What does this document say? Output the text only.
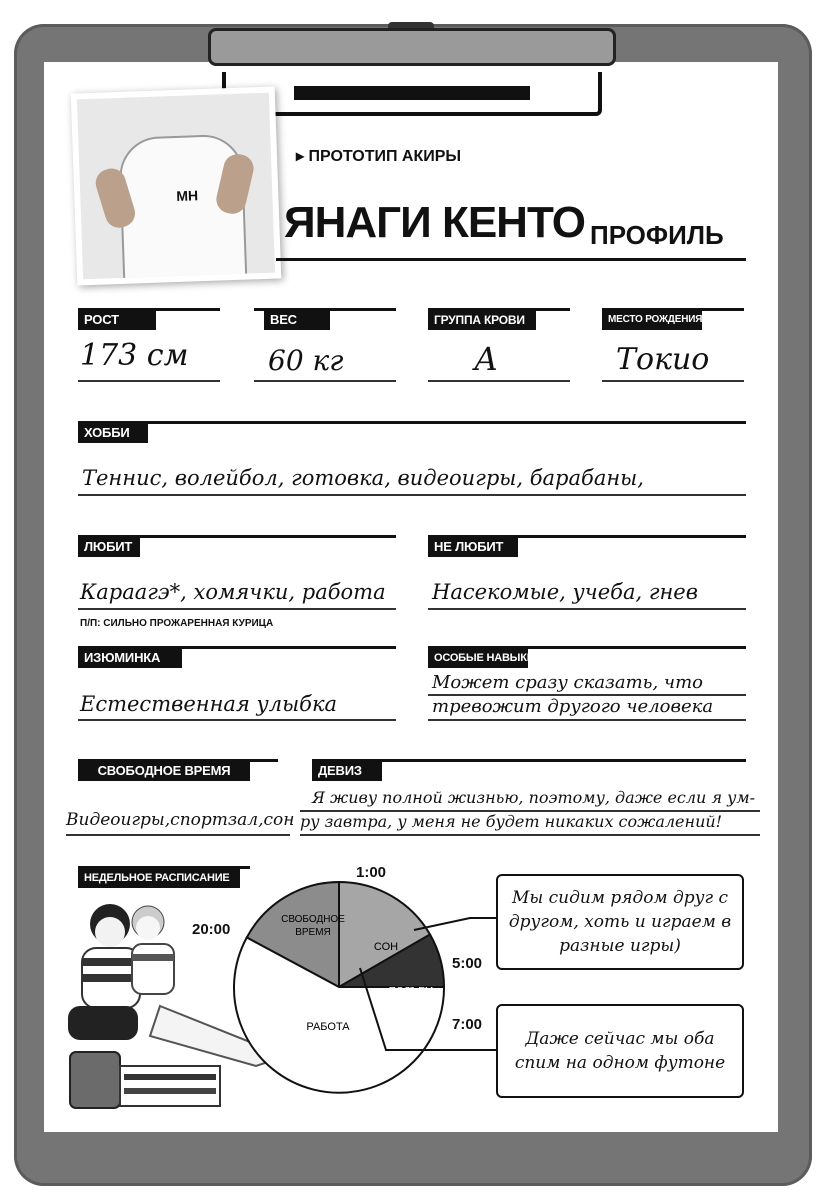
MH
▸ ПРОТОТИП АКИРЫ
ЯНАГИ КЕНТО ПРОФИЛЬ
РОСТ
173 см
ВЕС
60 кг
ГРУППА КРОВИ
А
МЕСТО РОЖДЕНИЯ
Токио
ХОББИ
Теннис, волейбол, готовка, видеоигры, барабаны,
ЛЮБИТ
Караагэ*, хомячки, работа
П/П: СИЛЬНО ПРОЖАРЕННАЯ КУРИЦА
НЕ ЛЮБИТ
Насекомые, учеба, гнев
ИЗЮМИНКА
Естественная улыбка
ОСОБЫЕ НАВЫКИ
Может сразу сказать, что
тревожит другого человека
СВОБОДНОЕ ВРЕМЯ
Видеоигры,спортзал,сон
ДЕВИЗ
Я живу полной жизнью, поэтому, даже если я ум-
ру завтра, у меня не будет никаких сожалений!
НЕДЕЛЬНОЕ РАСПИСАНИЕ
СВОБОДНОЕ ВРЕМЯ
СОН
ПОДЪЕМ
РАБОТА
1:00
20:00
5:00
7:00
Мы сидим рядом друг с другом, хоть и играем в разные игры)
Даже сейчас мы оба спим на одном футоне
